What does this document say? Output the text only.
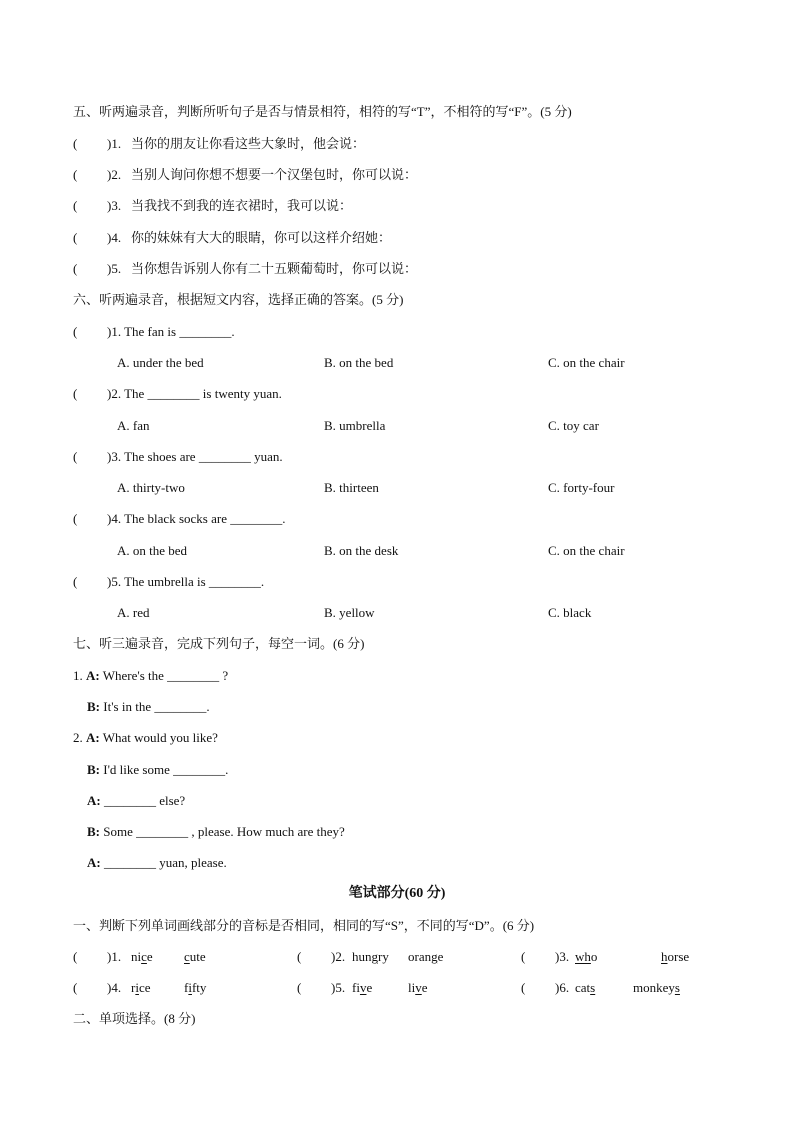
五、听两遍录音，判断所听句子是否与情景相符，相符的写“T”，不相符的写“F”。(5 分)
( )1. 当你的朋友让你看这些大象时，他会说：
( )2. 当别人询问你想不想要一个汉堡包时，你可以说：
( )3. 当我找不到我的连衣裙时，我可以说：
( )4. 你的妹妹有大大的眼睛，你可以这样介绍她：
( )5. 当你想告诉别人你有二十五颗葡萄时，你可以说：
六、听两遍录音，根据短文内容，选择正确的答案。(5 分)
( )1. The fan is ________.
A. under the bed	B. on the bed	C. on the chair
( )2. The ________ is twenty yuan.
A. fan	B. umbrella	C. toy car
( )3. The shoes are ________ yuan.
A. thirty-two	B. thirteen	C. forty-four
( )4. The black socks are ________.
A. on the bed	B. on the desk	C. on the chair
( )5. The umbrella is ________.
A. red	B. yellow	C. black
七、听三遍录音，完成下列句子，每空一词。(6 分)
1. A: Where's the ________ ?
B: It's in the ________.
2. A: What would you like?
B: I'd like some ________.
A: ________ else?
B: Some ________ , please. How much are they?
A: ________ yuan, please.
笔试部分(60 分)
一、判断下列单词画线部分的音标是否相同，相同的写“S”，不同的写“D”。(6 分)
( )1. nice cute	( )2. hungry orange	( )3. who	horse
( )4. rice	fifty	( )5. five	live	( )6. cats	monkeys
二、单项选择。(8 分)
